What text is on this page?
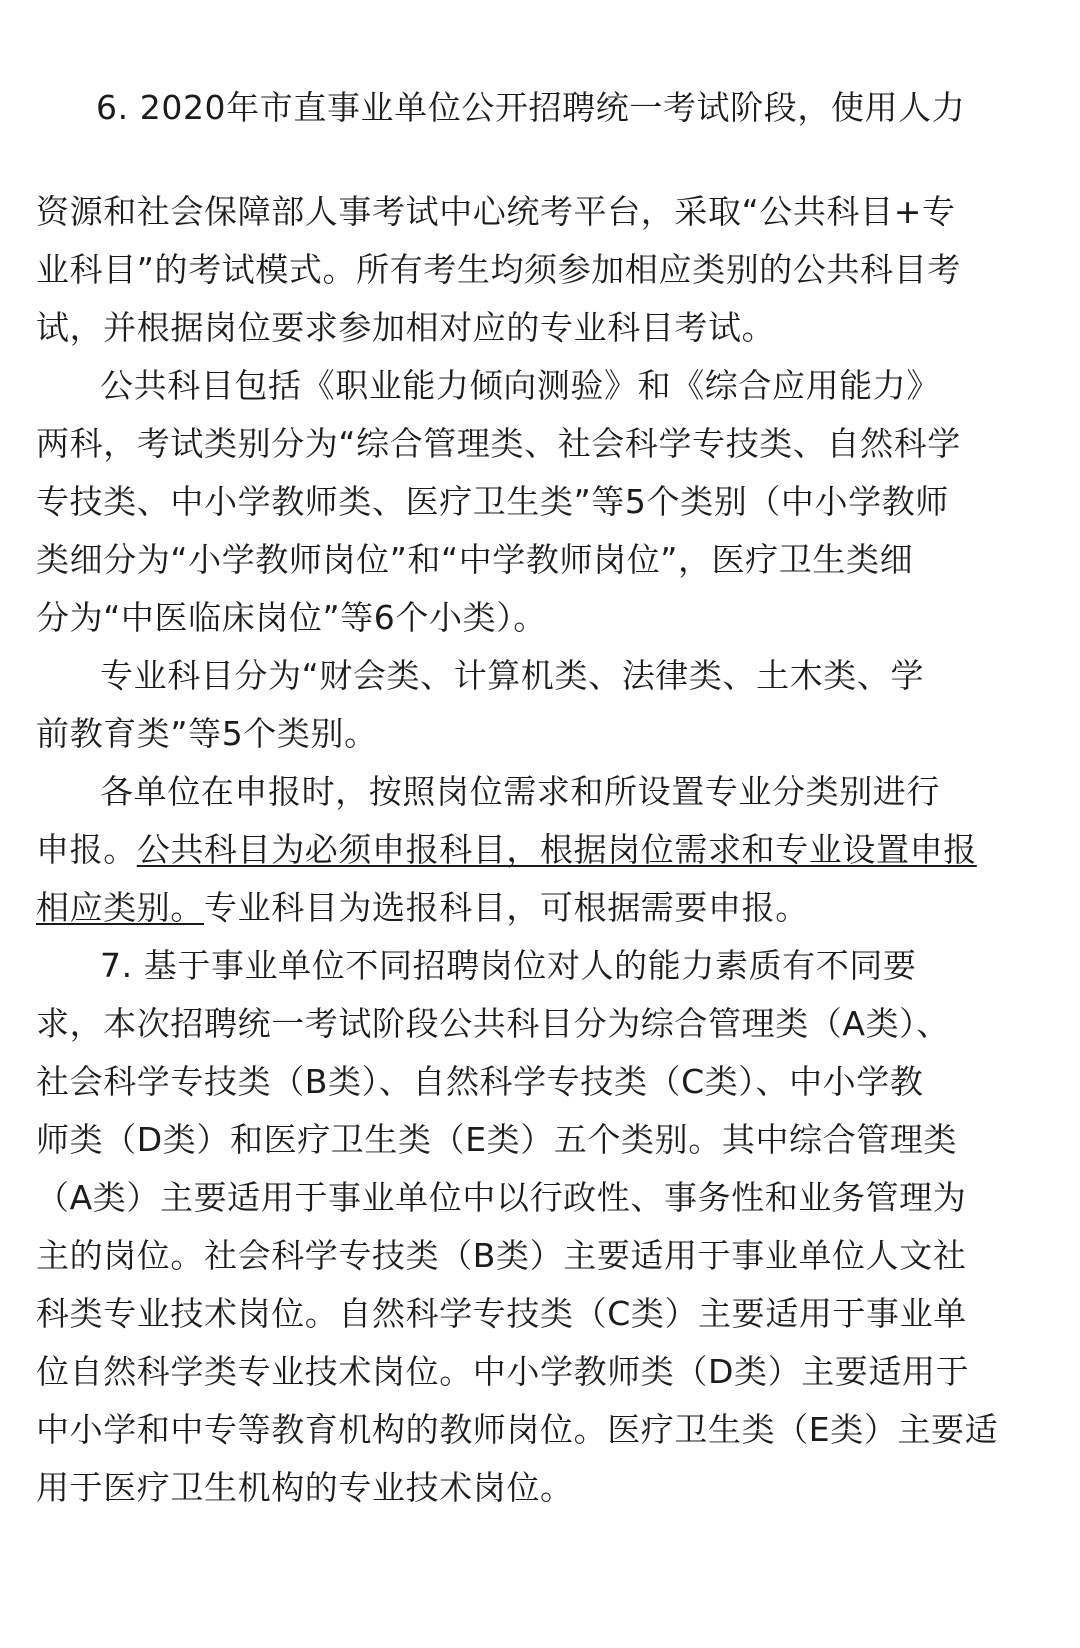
6. 2020年市直事业单位公开招聘统一考试阶段，使用人力

资源和社会保障部人事考试中心统考平台，采取“公共科目+专

业科目”的考试模式。所有考生均须参加相应类别的公共科目考

试，并根据岗位要求参加相对应的专业科目考试。

公共科目包括《职业能力倾向测验》和《综合应用能力》

两科，考试类别分为“综合管理类、社会科学专技类、自然科学

专技类、中小学教师类、医疗卫生类”等5个类别（中小学教师

类细分为“小学教师岗位”和“中学教师岗位”，医疗卫生类细

分为“中医临床岗位”等6个小类）。

专业科目分为“财会类、计算机类、法律类、土木类、学

前教育类”等5个类别。

各单位在申报时，按照岗位需求和所设置专业分类别进行

申报。公共科目为必须申报科目，根据岗位需求和专业设置申报

相应类别。专业科目为选报科目，可根据需要申报。

7. 基于事业单位不同招聘岗位对人的能力素质有不同要

求，本次招聘统一考试阶段公共科目分为综合管理类（A类）、

社会科学专技类（B类）、自然科学专技类（C类）、中小学教

师类（D类）和医疗卫生类（E类）五个类别。其中综合管理类

（A类）主要适用于事业单位中以行政性、事务性和业务管理为

主的岗位。社会科学专技类（B类）主要适用于事业单位人文社

科类专业技术岗位。自然科学专技类（C类）主要适用于事业单

位自然科学类专业技术岗位。中小学教师类（D类）主要适用于

中小学和中专等教育机构的教师岗位。医疗卫生类（E类）主要适

用于医疗卫生机构的专业技术岗位。
